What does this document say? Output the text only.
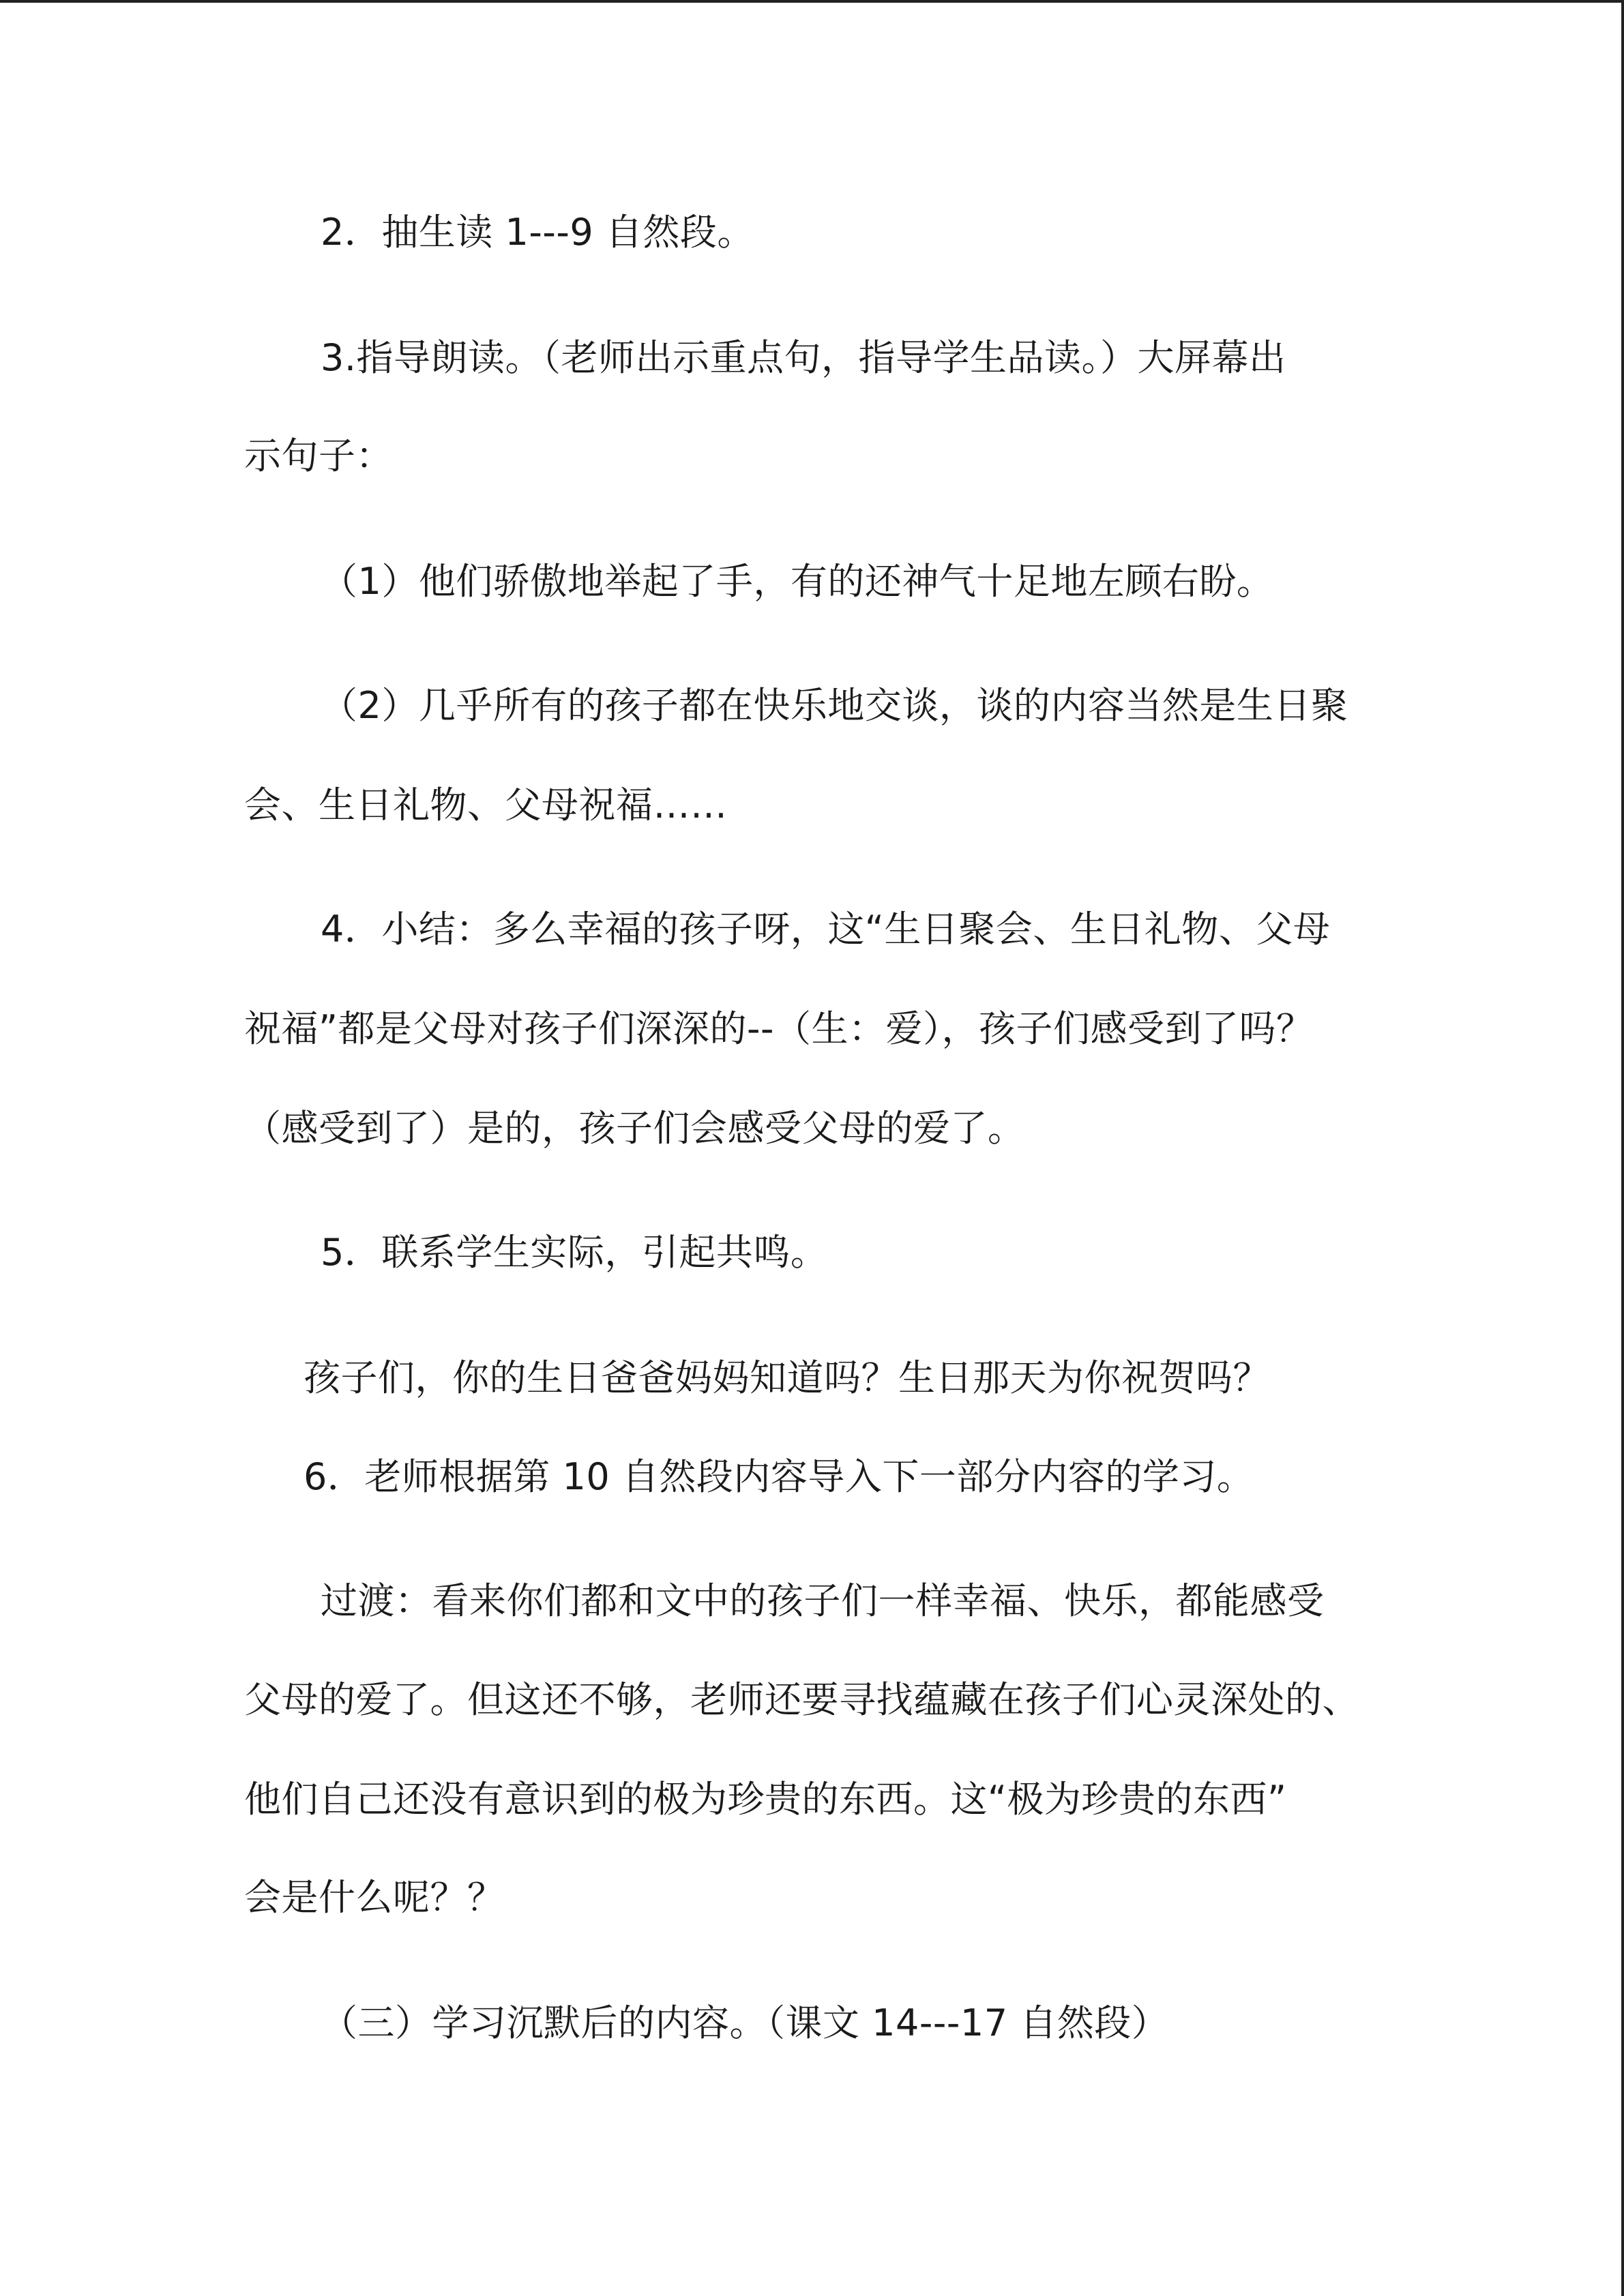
2．抽生读 1---9 自然段。
3.指导朗读。（老师出示重点句，指导学生品读。）大屏幕出
示句子：
（1）他们骄傲地举起了手，有的还神气十足地左顾右盼。
（2）几乎所有的孩子都在快乐地交谈，谈的内容当然是生日聚
会、生日礼物、父母祝福……
4．小结：多么幸福的孩子呀，这“生日聚会、生日礼物、父母
祝福”都是父母对孩子们深深的--（生：爱），孩子们感受到了吗？
（感受到了）是的，孩子们会感受父母的爱了。
5．联系学生实际，引起共鸣。
孩子们，你的生日爸爸妈妈知道吗？生日那天为你祝贺吗？
6．老师根据第 10 自然段内容导入下一部分内容的学习。
过渡：看来你们都和文中的孩子们一样幸福、快乐，都能感受
父母的爱了。但这还不够，老师还要寻找蕴藏在孩子们心灵深处的、
他们自己还没有意识到的极为珍贵的东西。这“极为珍贵的东西”
会是什么呢？？
（三）学习沉默后的内容。（课文 14---17 自然段）
